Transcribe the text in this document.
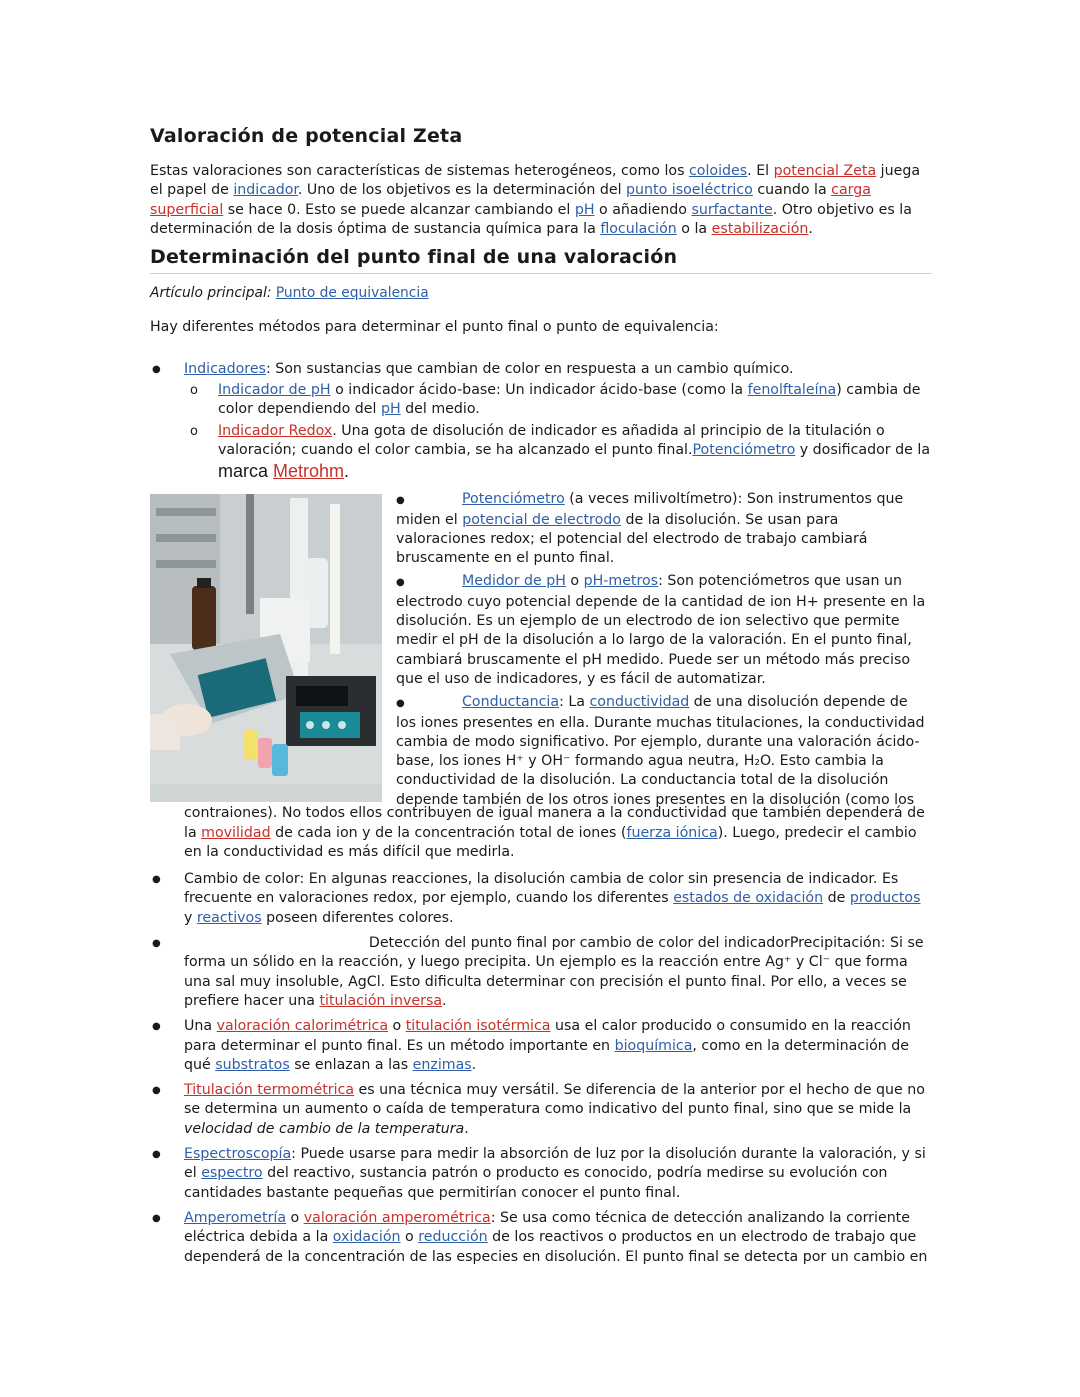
Valoración de potencial Zeta

Estas valoraciones son características de sistemas heterogéneos, como los coloides. El potencial Zeta juega el papel de indicador. Uno de los objetivos es la determinación del punto isoeléctrico cuando la carga superficial se hace 0. Esto se puede alcanzar cambiando el pH o añadiendo surfactante. Otro objetivo es la determinación de la dosis óptima de sustancia química para la floculación o la estabilización.

Determinación del punto final de una valoración

Artículo principal: Punto de equivalencia

Hay diferentes métodos para determinar el punto final o punto de equivalencia:

● Indicadores: Son sustancias que cambian de color en respuesta a un cambio químico.
o Indicador de pH o indicador ácido-base: Un indicador ácido-base (como la fenolftaleína) cambia de color dependiendo del pH del medio.
o Indicador Redox. Una gota de disolución de indicador es añadida al principio de la titulación o valoración; cuando el color cambia, se ha alcanzado el punto final.Potenciómetro y dosificador de la
marca Metrohm.
●	Potenciómetro (a veces milivoltímetro): Son instrumentos que miden el potencial de electrodo de la disolución. Se usan para valoraciones redox; el potencial del electrodo de trabajo cambiará bruscamente en el punto final.
●	Medidor de pH o pH-metros: Son potenciómetros que usan un electrodo cuyo potencial depende de la cantidad de ion H+ presente en la disolución. Es un ejemplo de un electrodo de ion selectivo que permite medir el pH de la disolución a lo largo de la valoración. En el punto final, cambiará bruscamente el pH medido. Puede ser un método más preciso que el uso de indicadores, y es fácil de automatizar.
●	Conductancia: La conductividad de una disolución depende de los iones presentes en ella. Durante muchas titulaciones, la conductividad cambia de modo significativo. Por ejemplo, durante una valoración ácido-base, los iones H⁺ y OH⁻ formando agua neutra, H₂O. Esto cambia la conductividad de la disolución. La conductancia total de la disolución depende también de los otros iones presentes en la disolución (como los

contraiones). No todos ellos contribuyen de igual manera a la conductividad que también dependerá de la movilidad de cada ion y de la concentración total de iones (fuerza iónica). Luego, predecir el cambio en la conductividad es más difícil que medirla.

● Cambio de color: En algunas reacciones, la disolución cambia de color sin presencia de indicador. Es frecuente en valoraciones redox, por ejemplo, cuando los diferentes estados de oxidación de productos y reactivos poseen diferentes colores.
●                                          Detección del punto final por cambio de color del indicadorPrecipitación: Si se forma un sólido en la reacción, y luego precipita. Un ejemplo es la reacción entre Ag⁺ y Cl⁻ que forma una sal muy insoluble, AgCl. Esto dificulta determinar con precisión el punto final. Por ello, a veces se prefiere hacer una titulación inversa.
● Una valoración calorimétrica o titulación isotérmica usa el calor producido o consumido en la reacción para determinar el punto final. Es un método importante en bioquímica, como en la determinación de qué substratos se enlazan a las enzimas.
● Titulación termométrica es una técnica muy versátil. Se diferencia de la anterior por el hecho de que no se determina un aumento o caída de temperatura como indicativo del punto final, sino que se mide la velocidad de cambio de la temperatura.
● Espectroscopía: Puede usarse para medir la absorción de luz por la disolución durante la valoración, y si el espectro del reactivo, sustancia patrón o producto es conocido, podría medirse su evolución con cantidades bastante pequeñas que permitirían conocer el punto final.
● Amperometría o valoración amperométrica: Se usa como técnica de detección analizando la corriente eléctrica debida a la oxidación o reducción de los reactivos o productos en un electrodo de trabajo que dependerá de la concentración de las especies en disolución. El punto final se detecta por un cambio en
